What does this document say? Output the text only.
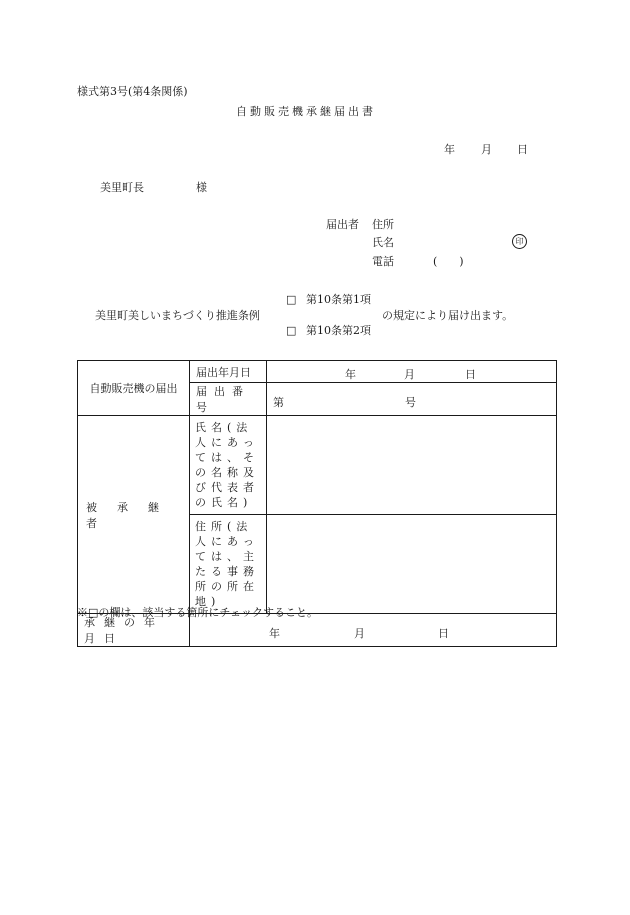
様式第3号(第4条関係)
自動販売機承継届出書
年 月 日
美里町長	様
届出者 住所
氏名	印
電話	(　　)
□ 第10条第1項
美里町美しいまちづくり推進条例	の規定により届け出ます。
□ 第10条第2項
自動販売機の届出	届出年月日	年 月 日

	届出番号	第 号

被承継者	氏名(法人にあっては、その名称及び代表者の氏名)	
	住所(法人にあっては、主たる事務所の所在地)	

承継の年月日	年 月 日	
※□の欄は、該当する箇所にチェックすること。
